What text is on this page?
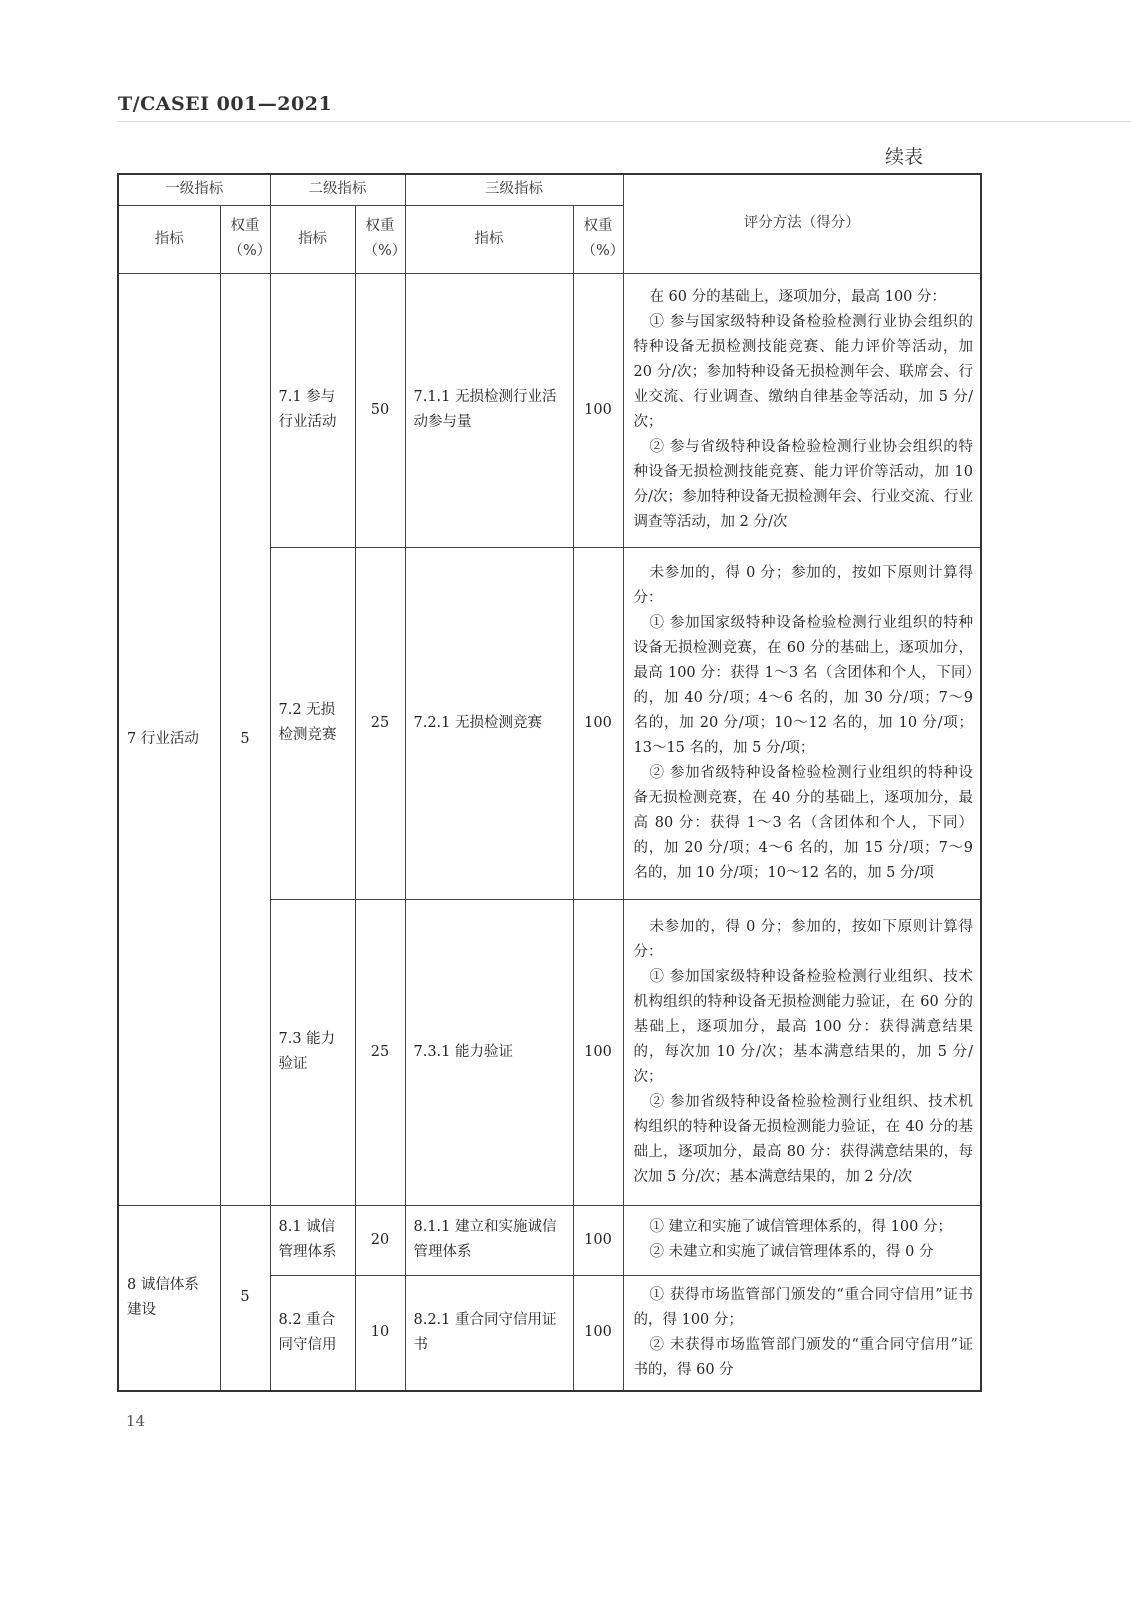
T/CASEI 001—2021
续表
一级指标		二级指标		三级指标		评分方法（得分）
指标	权重（%）	指标	权重（%）	指标	权重（%）	
7 行业活动	5	7.1 参与行业活动	50	7.1.1 无损检测行业活动参与量	100	在 60 分的基础上，逐项加分，最高 100 分：

① 参与国家级特种设备检验检测行业协会组织的特种设备无损检测技能竞赛、能力评价等活动，加 20 分/次；参加特种设备无损检测年会、联席会、行业交流、行业调查、缴纳自律基金等活动，加 5 分/次；

② 参与省级特种设备检验检测行业协会组织的特种设备无损检测技能竞赛、能力评价等活动，加 10 分/次；参加特种设备无损检测年会、行业交流、行业调查等活动，加 2 分/次

		7.2 无损检测竞赛	25	7.2.1 无损检测竞赛	100	未参加的，得 0 分；参加的，按如下原则计算得分：

① 参加国家级特种设备检验检测行业组织的特种设备无损检测竞赛，在 60 分的基础上，逐项加分，最高 100 分：获得 1～3 名（含团体和个人，下同）的，加 40 分/项；4～6 名的，加 30 分/项；7～9 名的，加 20 分/项；10～12 名的，加 10 分/项；13～15 名的，加 5 分/项；

② 参加省级特种设备检验检测行业组织的特种设备无损检测竞赛，在 40 分的基础上，逐项加分，最高 80 分：获得 1～3 名（含团体和个人，下同）的，加 20 分/项；4～6 名的，加 15 分/项；7～9 名的，加 10 分/项；10～12 名的，加 5 分/项

		7.3 能力验证	25	7.3.1 能力验证	100	未参加的，得 0 分；参加的，按如下原则计算得分：

① 参加国家级特种设备检验检测行业组织、技术机构组织的特种设备无损检测能力验证，在 60 分的基础上，逐项加分，最高 100 分：获得满意结果的，每次加 10 分/次；基本满意结果的，加 5 分/次；

② 参加省级特种设备检验检测行业组织、技术机构组织的特种设备无损检测能力验证，在 40 分的基础上，逐项加分，最高 80 分：获得满意结果的，每次加 5 分/次；基本满意结果的，加 2 分/次

8 诚信体系建设	5	8.1 诚信管理体系	20	8.1.1 建立和实施诚信管理体系	100	① 建立和实施了诚信管理体系的，得 100 分；

② 未建立和实施了诚信管理体系的，得 0 分

		8.2 重合同守信用	10	8.2.1 重合同守信用证书	100	① 获得市场监管部门颁发的“重合同守信用”证书的，得 100 分；

② 未获得市场监管部门颁发的“重合同守信用”证书的，得 60 分

14
